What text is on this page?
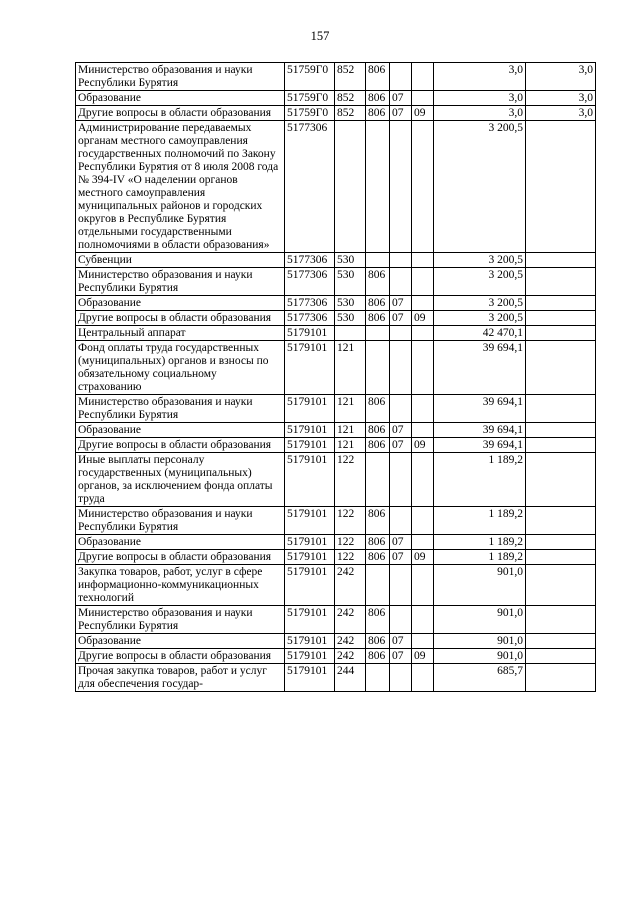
157
Министерство образования и науки Республики Бурятия	51759Г0	852	806			3,0	3,0
Образование	51759Г0	852	806	07		3,0	3,0
Другие вопросы в области образования	51759Г0	852	806	07	09	3,0	3,0
Администрирование передаваемых органам местного самоуправления государственных полномочий по Закону Республики Бурятия от 8 июля 2008 года № 394-IV «О наделении органов местного самоуправления муниципальных районов и городских округов в Республике Бурятия отдельными государственными полномочиями в области образования»	5177306					3 200,5	
Субвенции	5177306	530				3 200,5	
Министерство образования и науки Республики Бурятия	5177306	530	806			3 200,5	
Образование	5177306	530	806	07		3 200,5	
Другие вопросы в области образования	5177306	530	806	07	09	3 200,5	
Центральный аппарат	5179101					42 470,1	
Фонд оплаты труда государственных (муниципальных) органов и взносы по обязательному социальному страхованию	5179101	121				39 694,1	
Министерство образования и науки Республики Бурятия	5179101	121	806			39 694,1	
Образование	5179101	121	806	07		39 694,1	
Другие вопросы в области образования	5179101	121	806	07	09	39 694,1	
Иные выплаты персоналу государственных (муниципальных) органов, за исключением фонда оплаты труда	5179101	122				1 189,2	
Министерство образования и науки Республики Бурятия	5179101	122	806			1 189,2	
Образование	5179101	122	806	07		1 189,2	
Другие вопросы в области образования	5179101	122	806	07	09	1 189,2	
Закупка товаров, работ, услуг в сфере информационно-коммуникационных технологий	5179101	242				901,0	
Министерство образования и науки Республики Бурятия	5179101	242	806			901,0	
Образование	5179101	242	806	07		901,0	
Другие вопросы в области образования	5179101	242	806	07	09	901,0	
Прочая закупка товаров, работ и услуг для обеспечения государ-	5179101	244				685,7	
